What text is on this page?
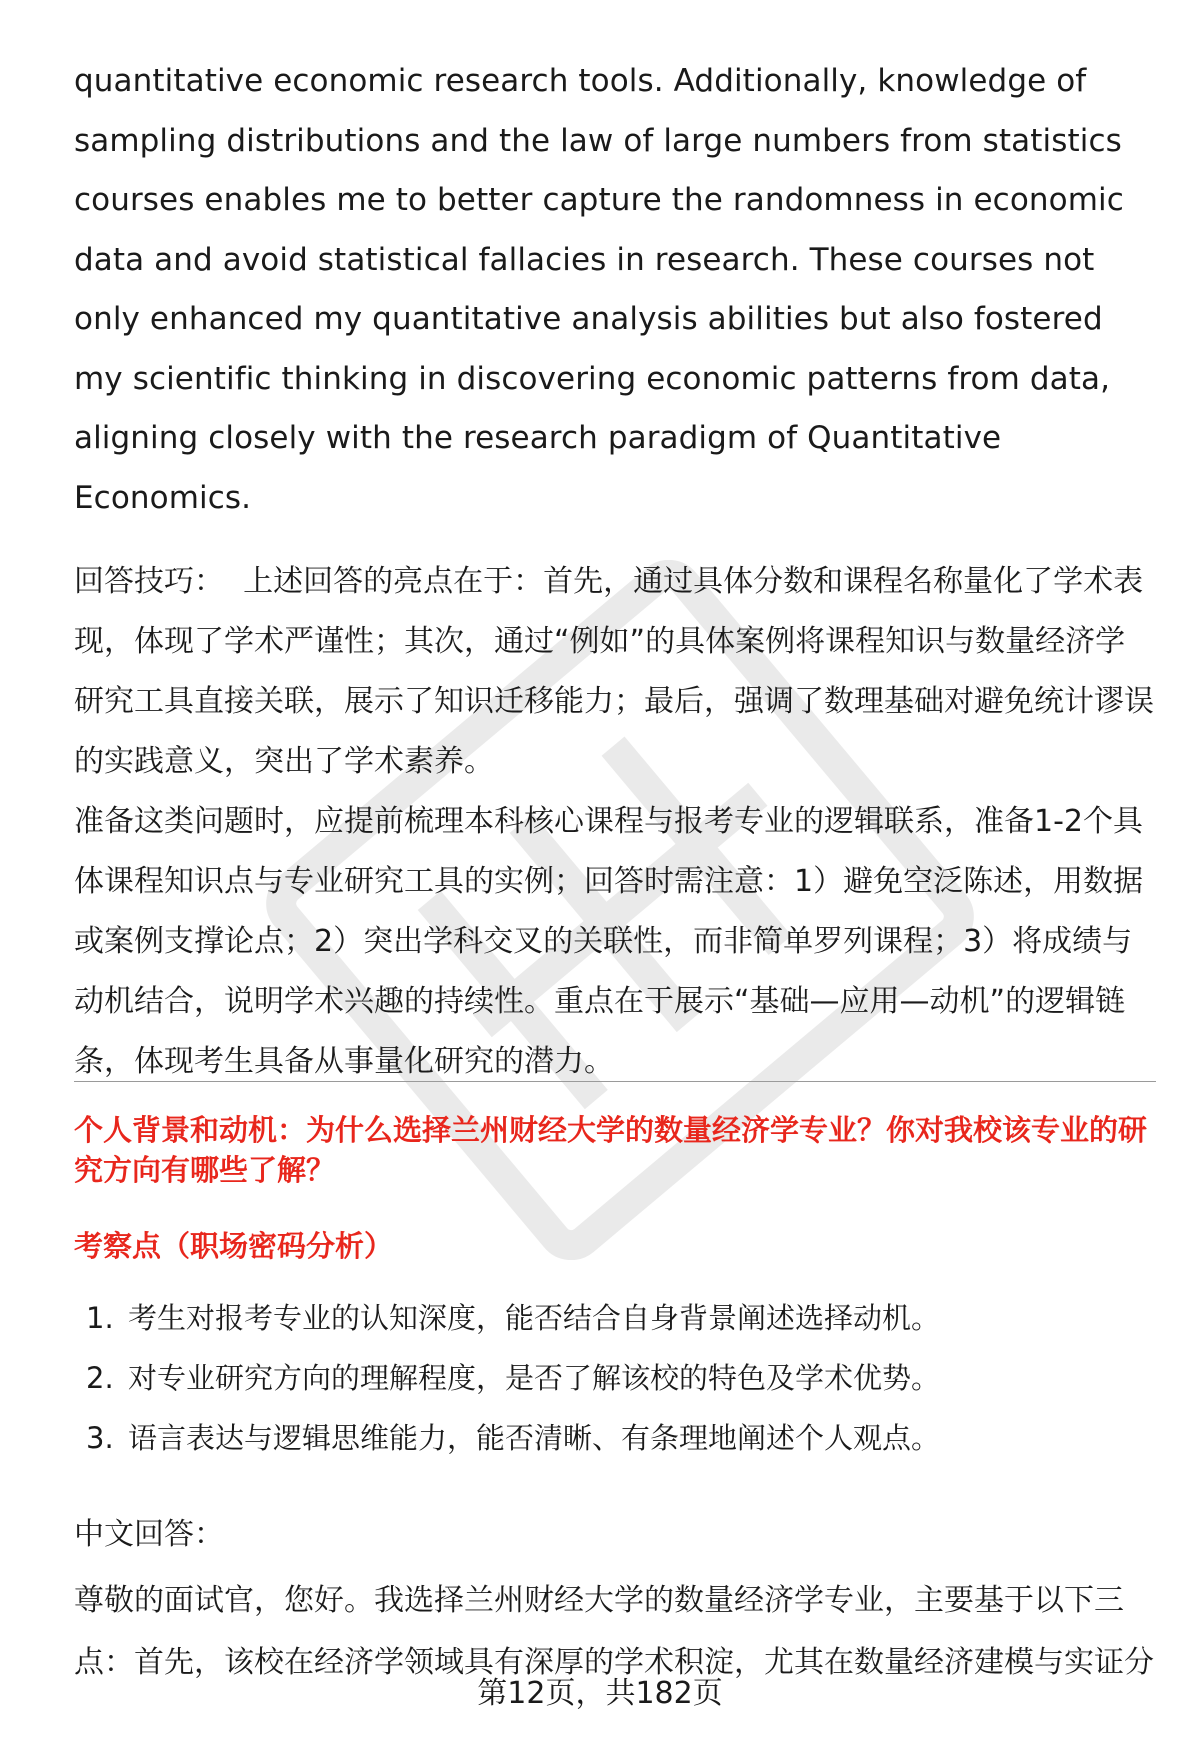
quantitative economic research tools. Additionally, knowledge of sampling distributions and the law of large numbers from statistics courses enables me to better capture the randomness in economic data and avoid statistical fallacies in research. These courses not only enhanced my quantitative analysis abilities but also fostered my scientific thinking in discovering economic patterns from data, aligning closely with the research paradigm of Quantitative Economics.

回答技巧： 上述回答的亮点在于：首先，通过具体分数和课程名称量化了学术表现，体现了学术严谨性；其次，通过“例如”的具体案例将课程知识与数量经济学研究工具直接关联，展示了知识迁移能力；最后，强调了数理基础对避免统计谬误的实践意义，突出了学术素养。

准备这类问题时，应提前梳理本科核心课程与报考专业的逻辑联系，准备1-2个具体课程知识点与专业研究工具的实例；回答时需注意：1）避免空泛陈述，用数据或案例支撑论点；2）突出学科交叉的关联性，而非简单罗列课程；3）将成绩与动机结合，说明学术兴趣的持续性。重点在于展示“基础—应用—动机”的逻辑链条，体现考生具备从事量化研究的潜力。

个人背景和动机：为什么选择兰州财经大学的数量经济学专业？你对我校该专业的研究方向有哪些了解？
考察点（职场密码分析）
1. 考生对报考专业的认知深度，能否结合自身背景阐述选择动机。
2. 对专业研究方向的理解程度，是否了解该校的特色及学术优势。
3. 语言表达与逻辑思维能力，能否清晰、有条理地阐述个人观点。
中文回答：

尊敬的面试官，您好。我选择兰州财经大学的数量经济学专业，主要基于以下三点：首先，该校在经济学领域具有深厚的学术积淀，尤其在数量经济建模与实证分

第12页，共182页
